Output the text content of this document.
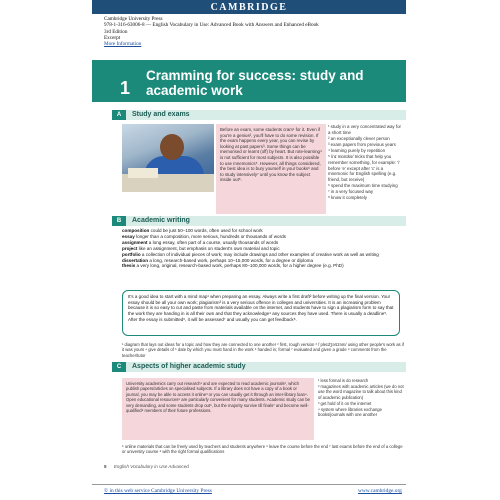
CAMBRIDGE
Cambridge University Press
978-1-316-63006-8 — English Vocabulary in Use: Advanced Book with Answers and Enhanced eBook
3rd Edition
Excerpt
More Information
1
Cramming for success: study and academic work
A	Study and exams
Before an exam, some students cram¹ for it. Even if you're a genius², you'll have to do some revision. If the exam happens every year, you can revise by looking at past papers³. Some things can be memorised or learnt (off) by heart. But rote-learning⁴ is not sufficient for most subjects. It is also possible to use mnemonics⁵. However, all things considered, the best idea is to bury yourself in your books⁶ and to study intensively⁷ until you know the subject inside out⁸.
¹ study in a very concentrated way for a short time
² an exceptionally clever person
³ exam papers from previous years
⁴ learning purely by repetition
⁵ /nɪˈmɒnɪks/ tricks that help you remember something, for example: 'i' before 'e' except after 'c' is a mnemonic for English spelling (e.g. friend, but receive)
⁶ spend the maximum time studying
⁷ in a very focused way
⁸ know it completely
B	Academic writing
composition could be just 50–100 words, often used for school work
essay longer than a composition, more serious, hundreds or thousands of words
assignment a long essay, often part of a course, usually thousands of words
project like an assignment, but emphasis on student's own material and topic
portfolio a collection of individual pieces of work; may include drawings and other examples of creative work as well as writing
dissertation a long, research-based work, perhaps 10–15,000 words, for a degree or diploma
thesis a very long, original, research-based work, perhaps 80–100,000 words, for a higher degree (e.g. PhD)
It's a good idea to start with a mind map¹ when preparing an essay. Always write a first draft² before writing up the final version. Your essay should be all your own work; plagiarism³ is a very serious offence in colleges and universities. It is an increasing problem because it is so easy to cut and paste from materials available on the internet, and students have to sign a plagiarism form to say that the work they are handing in is all their own and that they acknowledge⁴ any sources they have used. There is usually a deadline⁵. After the essay is submitted⁶, it will be assessed⁷ and usually you can get feedback⁸.
¹ diagram that lays out ideas for a topic and how they are connected to one another ² first, rough version ³ /ˈpleɪdʒərɪzəm/ using other people's work as if it was yours ⁴ give details of ⁵ date by which you must hand in the work ⁶ handed in; formal ⁷ evaluated and given a grade ⁸ comments from the teacher/tutor
C	Aspects of higher academic study
University academics carry out research¹ and are expected to read academic journals², which publish papers/articles on specialised subjects. If a library does not have a copy of a book or journal, you may be able to access it online³ or you can usually get it through an inter-library loan⁴. Open educational resources⁵ are particularly convenient for many students. Academic study can be very demanding, and some students drop out⁶, but the majority survive till finals⁷ and become well-qualified⁸ members of their future professions.
¹ less formal is do research
² magazines with academic articles (we do not use the word magazine to talk about this kind of academic publication)
³ get hold of it on the internet
⁴ system where libraries exchange books/journals with one another
⁵ online materials that can be freely used by teachers and students anywhere ⁶ leave the course before the end ⁷ last exams before the end of a college or university course ⁸ with the right formal qualifications
8 English Vocabulary in Use Advanced
© in this web service Cambridge University Press	www.cambridge.org
